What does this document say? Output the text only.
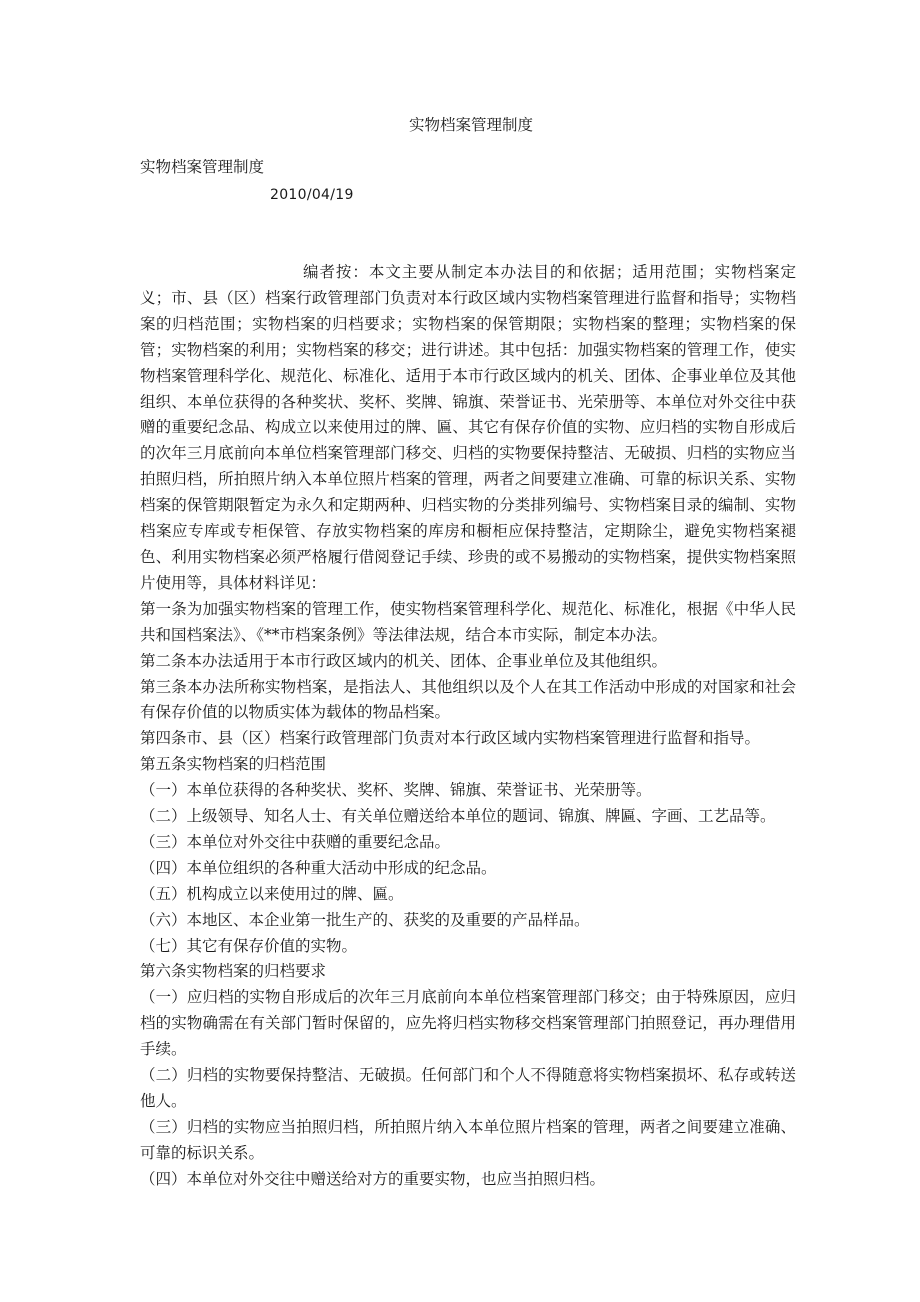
实物档案管理制度

实物档案管理制度

2010/04/19

编者按：本文主要从制定本办法目的和依据；适用范围；实物档案定义；市、县（区）档案行政管理部门负责对本行政区域内实物档案管理进行监督和指导；实物档案的归档范围；实物档案的归档要求；实物档案的保管期限；实物档案的整理；实物档案的保管；实物档案的利用；实物档案的移交；进行讲述。其中包括：加强实物档案的管理工作，使实物档案管理科学化、规范化、标准化、适用于本市行政区域内的机关、团体、企事业单位及其他组织、本单位获得的各种奖状、奖杯、奖牌、锦旗、荣誉证书、光荣册等、本单位对外交往中获赠的重要纪念品、构成立以来使用过的牌、匾、其它有保存价值的实物、应归档的实物自形成后的次年三月底前向本单位档案管理部门移交、归档的实物要保持整洁、无破损、归档的实物应当拍照归档，所拍照片纳入本单位照片档案的管理，两者之间要建立准确、可靠的标识关系、实物档案的保管期限暂定为永久和定期两种、归档实物的分类排列编号、实物档案目录的编制、实物档案应专库或专柜保管、存放实物档案的库房和橱柜应保持整洁，定期除尘，避免实物档案褪色、利用实物档案必须严格履行借阅登记手续、珍贵的或不易搬动的实物档案，提供实物档案照片使用等，具体材料详见：

第一条为加强实物档案的管理工作，使实物档案管理科学化、规范化、标准化，根据《中华人民共和国档案法》、《**市档案条例》等法律法规，结合本市实际，制定本办法。

第二条本办法适用于本市行政区域内的机关、团体、企事业单位及其他组织。

第三条本办法所称实物档案，是指法人、其他组织以及个人在其工作活动中形成的对国家和社会有保存价值的以物质实体为载体的物品档案。

第四条市、县（区）档案行政管理部门负责对本行政区域内实物档案管理进行监督和指导。

第五条实物档案的归档范围

（一）本单位获得的各种奖状、奖杯、奖牌、锦旗、荣誉证书、光荣册等。

（二）上级领导、知名人士、有关单位赠送给本单位的题词、锦旗、牌匾、字画、工艺品等。

（三）本单位对外交往中获赠的重要纪念品。

（四）本单位组织的各种重大活动中形成的纪念品。

（五）机构成立以来使用过的牌、匾。

（六）本地区、本企业第一批生产的、获奖的及重要的产品样品。

（七）其它有保存价值的实物。

第六条实物档案的归档要求

（一）应归档的实物自形成后的次年三月底前向本单位档案管理部门移交；由于特殊原因，应归档的实物确需在有关部门暂时保留的，应先将归档实物移交档案管理部门拍照登记，再办理借用手续。

（二）归档的实物要保持整洁、无破损。任何部门和个人不得随意将实物档案损坏、私存或转送他人。

（三）归档的实物应当拍照归档，所拍照片纳入本单位照片档案的管理，两者之间要建立准确、可靠的标识关系。

（四）本单位对外交往中赠送给对方的重要实物，也应当拍照归档。
